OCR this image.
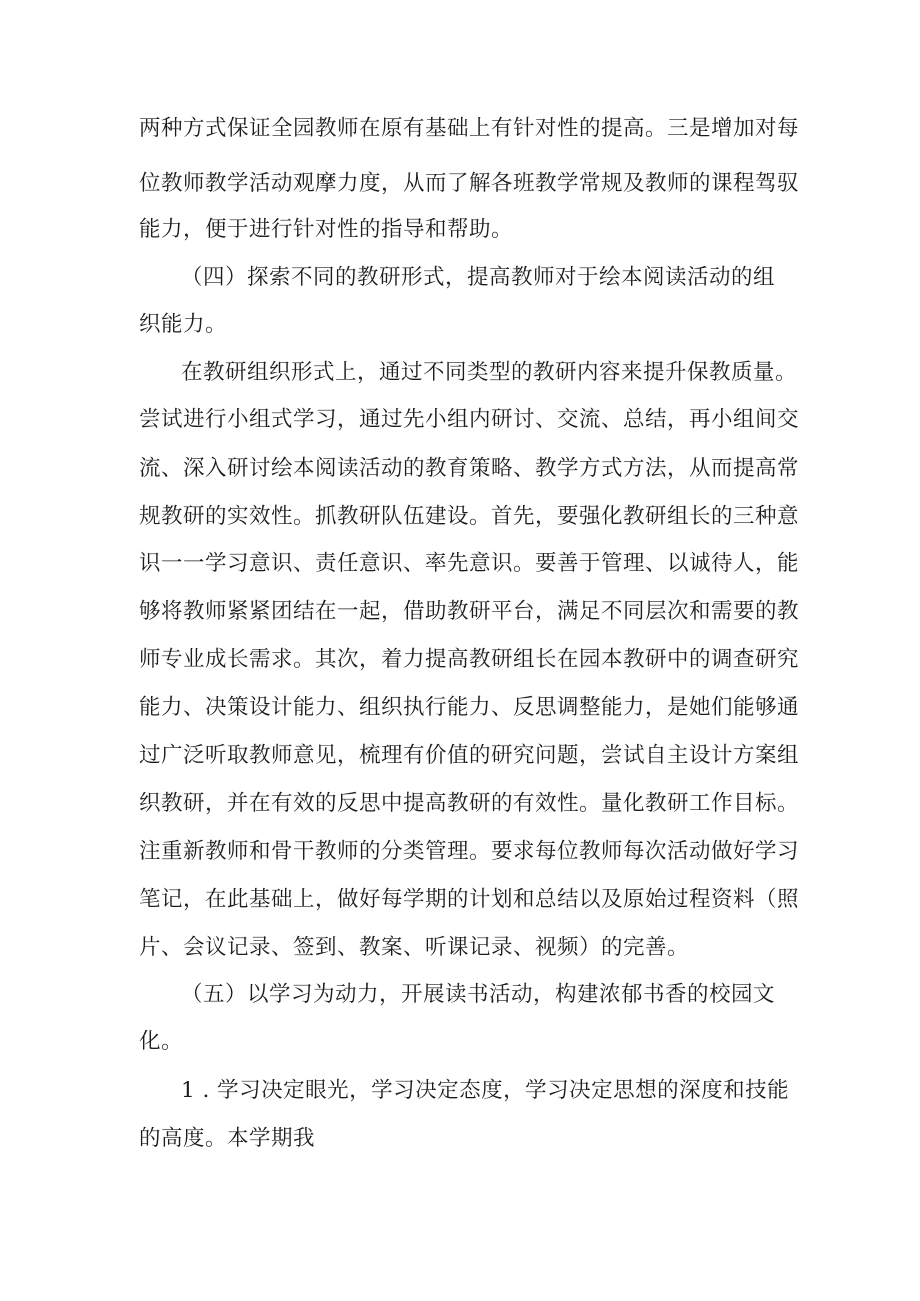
两种方式保证全园教师在原有基础上有针对性的提高。三是增加对每
位教师教学活动观摩力度，从而了解各班教学常规及教师的课程驾驭
能力，便于进行针对性的指导和帮助。
（四）探索不同的教研形式，提高教师对于绘本阅读活动的组
织能力。
在教研组织形式上，通过不同类型的教研内容来提升保教质量。
尝试进行小组式学习，通过先小组内研讨、交流、总结，再小组间交
流、深入研讨绘本阅读活动的教育策略、教学方式方法，从而提高常
规教研的实效性。抓教研队伍建设。首先，要强化教研组长的三种意
识一一学习意识、责任意识、率先意识。要善于管理、以诚待人，能
够将教师紧紧团结在一起，借助教研平台，满足不同层次和需要的教
师专业成长需求。其次，着力提高教研组长在园本教研中的调查研究
能力、决策设计能力、组织执行能力、反思调整能力，是她们能够通
过广泛听取教师意见，梳理有价值的研究问题，尝试自主设计方案组
织教研，并在有效的反思中提高教研的有效性。量化教研工作目标。
注重新教师和骨干教师的分类管理。要求每位教师每次活动做好学习
笔记，在此基础上，做好每学期的计划和总结以及原始过程资料（照
片、会议记录、签到、教案、听课记录、视频）的完善。
（五）以学习为动力，开展读书活动，构建浓郁书香的校园文
化。
1 . 学习决定眼光，学习决定态度，学习决定思想的深度和技能
的高度。本学期我
